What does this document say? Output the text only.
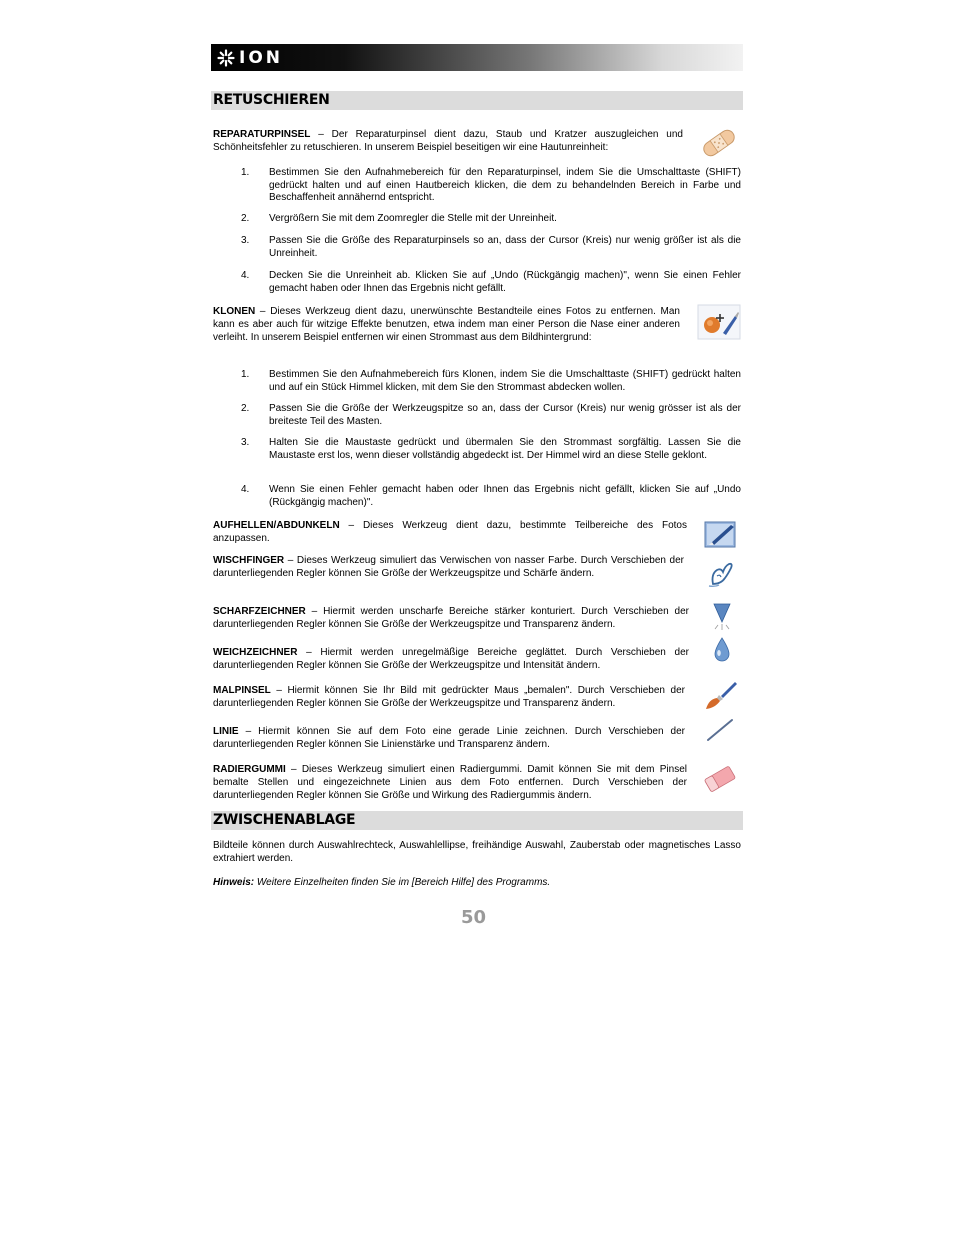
ION
RETUSCHIEREN
REPARATURPINSEL – Der Reparaturpinsel dient dazu, Staub und Kratzer auszugleichen und Schönheitsfehler zu retuschieren. In unserem Beispiel beseitigen wir eine Hautunreinheit:
1. Bestimmen Sie den Aufnahmebereich für den Reparaturpinsel, indem Sie die Umschalttaste (SHIFT) gedrückt halten und auf einen Hautbereich klicken, die dem zu behandelnden Bereich in Farbe und Beschaffenheit annähernd entspricht.
2. Vergrößern Sie mit dem Zoomregler die Stelle mit der Unreinheit.
3. Passen Sie die Größe des Reparaturpinsels so an, dass der Cursor (Kreis) nur wenig größer ist als die Unreinheit.
4. Decken Sie die Unreinheit ab. Klicken Sie auf „Undo (Rückgängig machen)", wenn Sie einen Fehler gemacht haben oder Ihnen das Ergebnis nicht gefällt.
KLONEN – Dieses Werkzeug dient dazu, unerwünschte Bestandteile eines Fotos zu entfernen. Man kann es aber auch für witzige Effekte benutzen, etwa indem man einer Person die Nase einer anderen verleiht. In unserem Beispiel entfernen wir einen Strommast aus dem Bildhintergrund:
1. Bestimmen Sie den Aufnahmebereich fürs Klonen, indem Sie die Umschalttaste (SHIFT) gedrückt halten und auf ein Stück Himmel klicken, mit dem Sie den Strommast abdecken wollen.
2. Passen Sie die Größe der Werkzeugspitze so an, dass der Cursor (Kreis) nur wenig grösser ist als der breiteste Teil des Masten.
3. Halten Sie die Maustaste gedrückt und übermalen Sie den Strommast sorgfältig. Lassen Sie die Maustaste erst los, wenn dieser vollständig abgedeckt ist. Der Himmel wird an diese Stelle geklont.
4. Wenn Sie einen Fehler gemacht haben oder Ihnen das Ergebnis nicht gefällt, klicken Sie auf „Undo (Rückgängig machen)".
AUFHELLEN/ABDUNKELN – Dieses Werkzeug dient dazu, bestimmte Teilbereiche des Fotos anzupassen.
WISCHFINGER – Dieses Werkzeug simuliert das Verwischen von nasser Farbe. Durch Verschieben der darunterliegenden Regler können Sie Größe der Werkzeugspitze und Schärfe ändern.
SCHARFZEICHNER – Hiermit werden unscharfe Bereiche stärker konturiert. Durch Verschieben der darunterliegenden Regler können Sie Größe der Werkzeugspitze und Transparenz ändern.
WEICHZEICHNER – Hiermit werden unregelmäßige Bereiche geglättet. Durch Verschieben der darunterliegenden Regler können Sie Größe der Werkzeugspitze und Intensität ändern.
MALPINSEL – Hiermit können Sie Ihr Bild mit gedrückter Maus „bemalen". Durch Verschieben der darunterliegenden Regler können Sie Größe der Werkzeugspitze und Transparenz ändern.
LINIE – Hiermit können Sie auf dem Foto eine gerade Linie zeichnen. Durch Verschieben der darunterliegenden Regler können Sie Linienstärke und Transparenz ändern.
RADIERGUMMI – Dieses Werkzeug simuliert einen Radiergummi. Damit können Sie mit dem Pinsel bemalte Stellen und eingezeichnete Linien aus dem Foto entfernen. Durch Verschieben der darunterliegenden Regler können Sie Größe und Wirkung des Radiergummis ändern.
ZWISCHENABLAGE
Bildteile können durch Auswahlrechteck, Auswahlellipse, freihändige Auswahl, Zauberstab oder magnetisches Lasso extrahiert werden.
Hinweis: Weitere Einzelheiten finden Sie im [Bereich Hilfe] des Programms.
50
